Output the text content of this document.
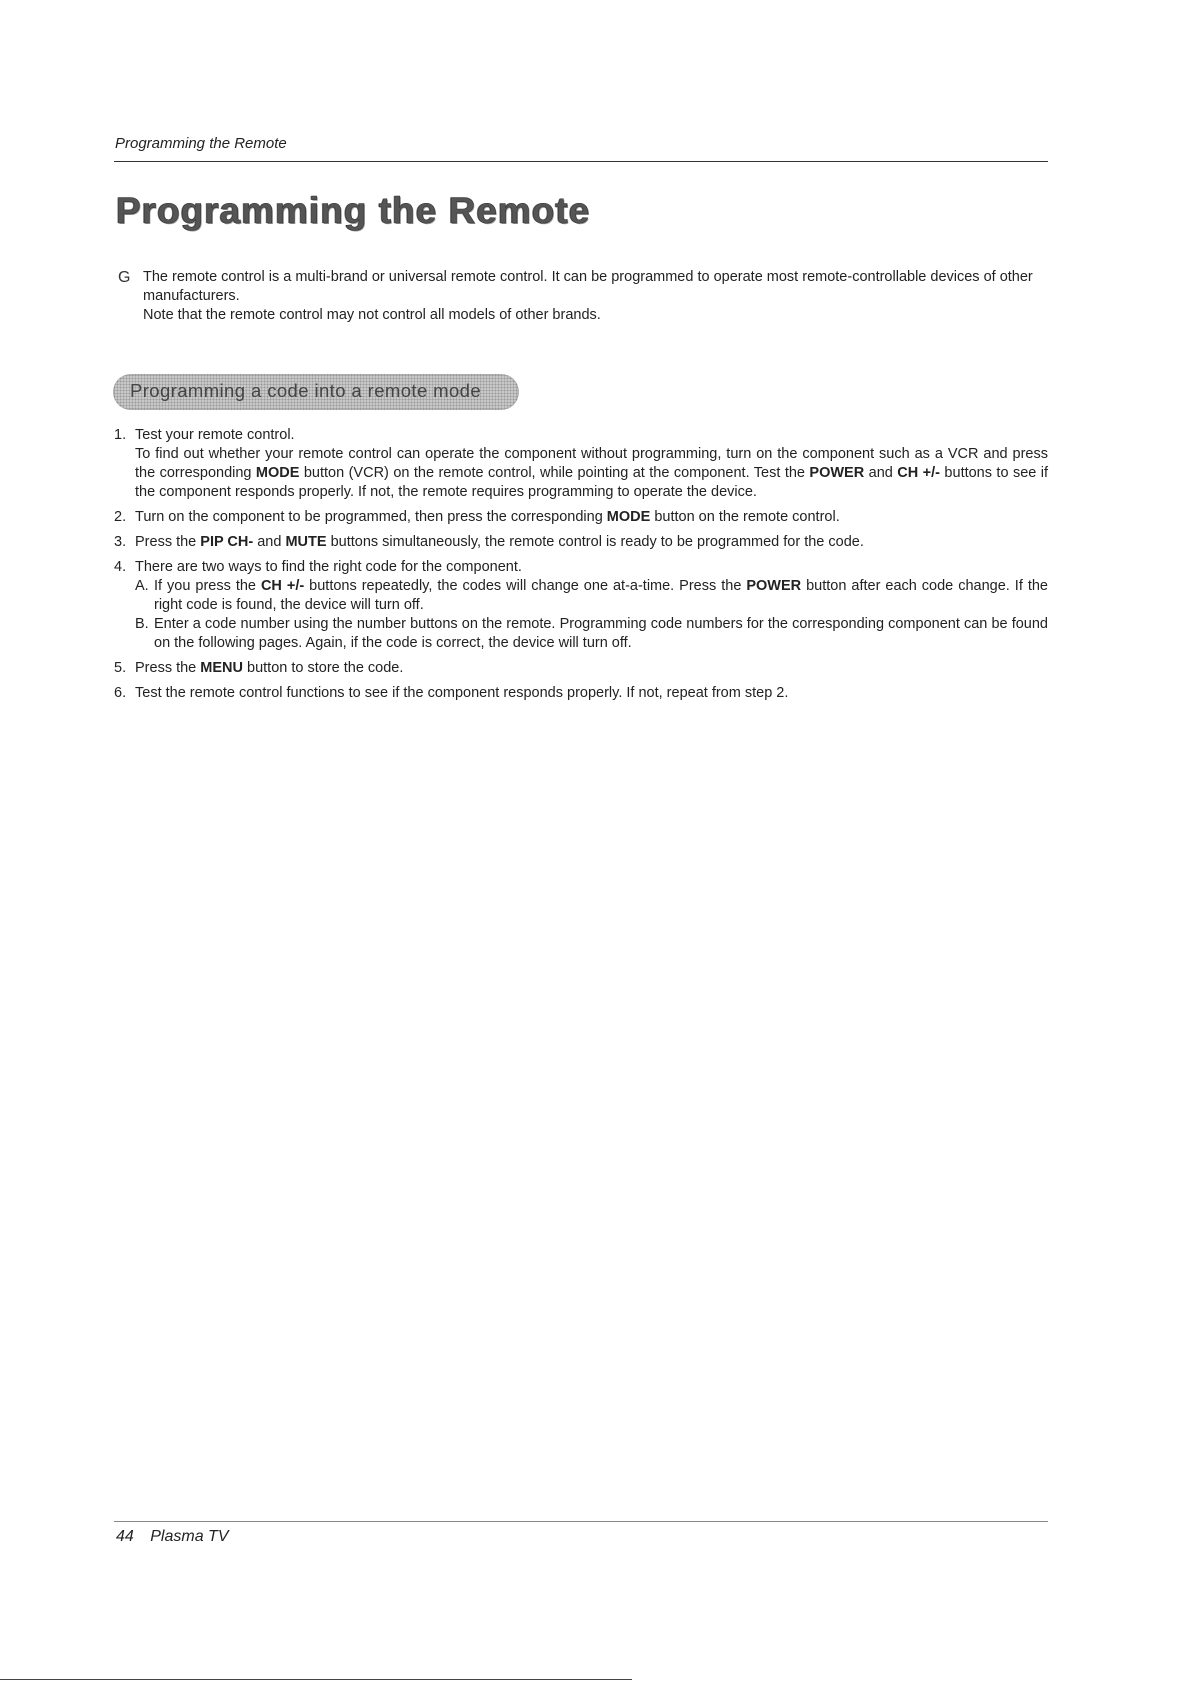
Programming the Remote
Programming the Remote
G The remote control is a multi-brand or universal remote control. It can be programmed to operate most remote-controllable devices of other manufacturers.

Note that the remote control may not control all models of other brands.

Programming a code into a remote mode
1. Test your remote control.

To find out whether your remote control can operate the component without programming, turn on the component such as a VCR and press the corresponding MODE button (VCR) on the remote control, while pointing at the component. Test the POWER and CH +/- buttons to see if the component responds properly. If not, the remote requires programming to operate the device.

2. Turn on the component to be programmed, then press the corresponding MODE button on the remote control.

3. Press the PIP CH- and MUTE buttons simultaneously, the remote control is ready to be programmed for the code.

4. There are two ways to find the right code for the component.

A. If you press the CH +/- buttons repeatedly, the codes will change one at-a-time. Press the POWER button after each code change. If the right code is found, the device will turn off.
B. Enter a code number using the number buttons on the remote. Programming code numbers for the corresponding component can be found on the following pages. Again, if the code is correct, the device will turn off.
5. Press the MENU button to store the code.

6. Test the remote control functions to see if the component responds properly. If not, repeat from step 2.

44 Plasma TV
